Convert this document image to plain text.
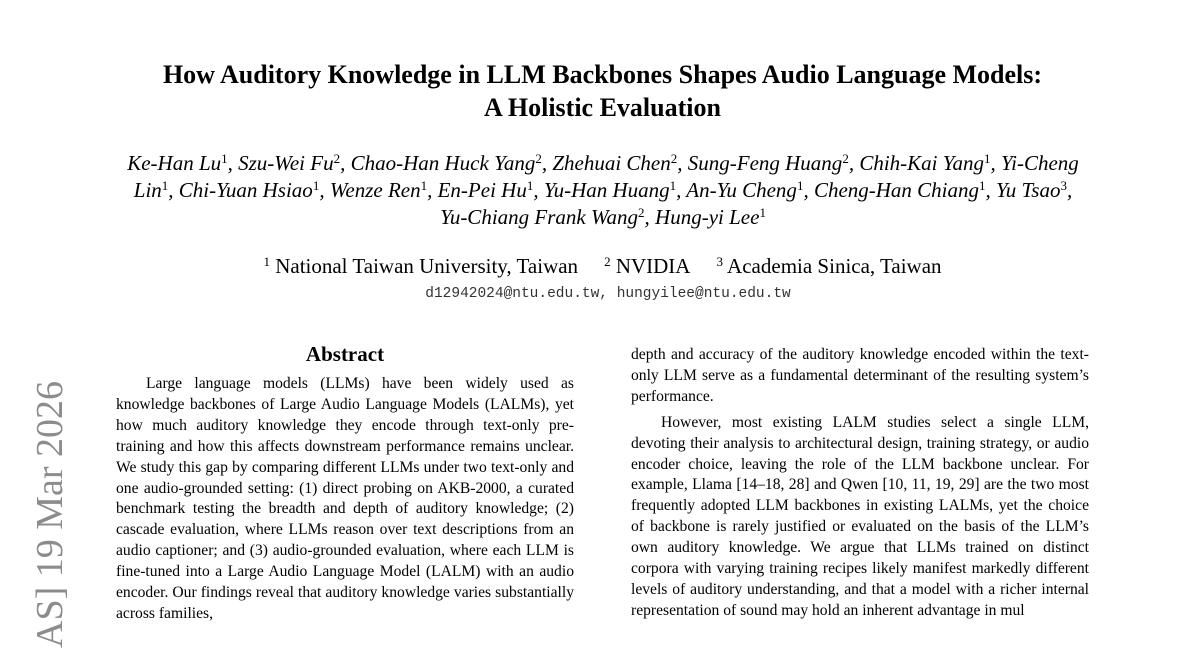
AS] 19 Mar 2026
How Auditory Knowledge in LLM Backbones Shapes Audio Language Models:
A Holistic Evaluation
Ke-Han Lu$^1$, Szu-Wei Fu$^2$, Chao-Han Huck Yang$^2$, Zhehuai Chen$^2$, Sung-Feng Huang$^2$, Chih-Kai Yang$^1$, Yi-Cheng Lin$^1$, Chi-Yuan Hsiao$^1$, Wenze Ren$^1$, En-Pei Hu$^1$, Yu-Han Huang$^1$, An-Yu Cheng$^1$, Cheng-Han Chiang$^1$, Yu Tsao$^3$, Yu-Chiang Frank Wang$^2$, Hung-yi Lee$^1$
$^1$ National Taiwan University, Taiwan $^2$ NVIDIA $^3$ Academia Sinica, Taiwan
d12942024@ntu.edu.tw, hungyilee@ntu.edu.tw
Abstract

Large language models (LLMs) have been widely used as knowledge backbones of Large Audio Language Models (LALMs), yet how much auditory knowledge they encode through text-only pre-training and how this affects downstream performance remains unclear. We study this gap by comparing different LLMs under two text-only and one audio-grounded setting: (1) direct probing on AKB-2000, a curated benchmark testing the breadth and depth of auditory knowledge; (2) cascade evaluation, where LLMs reason over text descriptions from an audio captioner; and (3) audio-grounded evaluation, where each LLM is fine-tuned into a Large Audio Language Model (LALM) with an audio encoder. Our findings reveal that auditory knowledge varies substantially across families,

depth and accuracy of the auditory knowledge encoded within the text-only LLM serve as a fundamental determinant of the resulting system’s performance.

However, most existing LALM studies select a single LLM, devoting their analysis to architectural design, training strategy, or audio encoder choice, leaving the role of the LLM backbone unclear. For example, Llama [14–18, 28] and Qwen [10, 11, 19, 29] are the two most frequently adopted LLM backbones in existing LALMs, yet the choice of backbone is rarely justified or evaluated on the basis of the LLM’s own auditory knowledge. We argue that LLMs trained on distinct corpora with varying training recipes likely manifest markedly different levels of auditory understanding, and that a model with a richer internal representation of sound may hold an inherent advantage in mul
